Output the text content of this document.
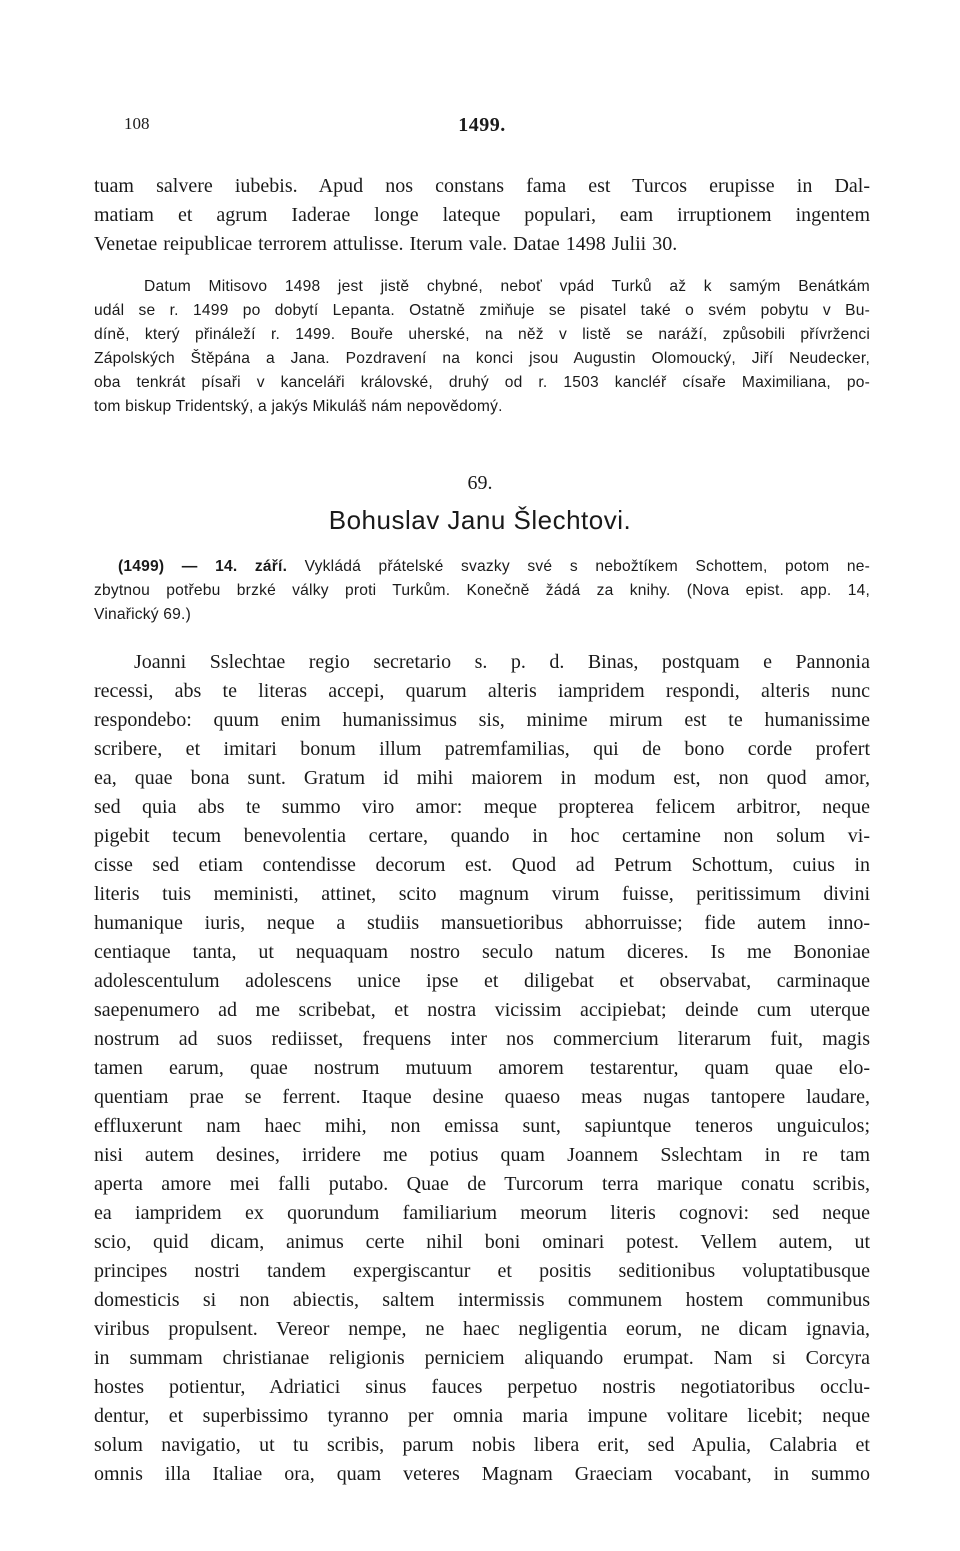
108	1499.
tuam salvere iubebis. Apud nos constans fama est Turcos erupisse in Dal-
matiam et agrum Iaderae longe lateque populari, eam irruptionem ingentem
Venetae reipublicae terrorem attulisse. Iterum vale. Datae 1498 Julii 30.
Datum Mitisovo 1498 jest jistě chybné, neboť vpád Turků až k samým Benátkám
udál se r. 1499 po dobytí Lepanta. Ostatně zmiňuje se pisatel také o svém pobytu v Bu-
díně, který přináleží r. 1499. Bouře uherské, na něž v listě se naráží, způsobili přívrženci
Zápolských Štěpána a Jana. Pozdravení na konci jsou Augustin Olomoucký, Jiří Neudecker,
oba tenkrát písaři v kanceláři královské, druhý od r. 1503 kancléř císaře Maximiliana, po-
tom biskup Tridentský, a jakýs Mikuláš nám nepovědomý.
69.
Bohuslav Janu Šlechtovi.
(1499) — 14. září. Vykládá přátelské svazky své s nebožtíkem Schottem, potom ne-
zbytnou potřebu brzké války proti Turkům. Konečně žádá za knihy. (Nova epist. app. 14,
Vinařický 69.)
Joanni Sslechtae regio secretario s. p. d. Binas, postquam e Pannonia
recessi, abs te literas accepi, quarum alteris iampridem respondi, alteris nunc
respondebo: quum enim humanissimus sis, minime mirum est te humanissime
scribere, et imitari bonum illum patremfamilias, qui de bono corde profert
ea, quae bona sunt. Gratum id mihi maiorem in modum est, non quod amor,
sed quia abs te summo viro amor: meque propterea felicem arbitror, neque
pigebit tecum benevolentia certare, quando in hoc certamine non solum vi-
cisse sed etiam contendisse decorum est. Quod ad Petrum Schottum, cuius in
literis tuis meministi, attinet, scito magnum virum fuisse, peritissimum divini
humanique iuris, neque a studiis mansuetioribus abhorruisse; fide autem inno-
centiaque tanta, ut nequaquam nostro seculo natum diceres. Is me Bononiae
adolescentulum adolescens unice ipse et diligebat et observabat, carminaque
saepenumero ad me scribebat, et nostra vicissim accipiebat; deinde cum uterque
nostrum ad suos rediisset, frequens inter nos commercium literarum fuit, magis
tamen earum, quae nostrum mutuum amorem testarentur, quam quae elo-
quentiam prae se ferrent. Itaque desine quaeso meas nugas tantopere laudare,
effluxerunt nam haec mihi, non emissa sunt, sapiuntque teneros unguiculos;
nisi autem desines, irridere me potius quam Joannem Sslechtam in re tam
aperta amore mei falli putabo. Quae de Turcorum terra marique conatu scribis,
ea iampridem ex quorundum familiarium meorum literis cognovi: sed neque
scio, quid dicam, animus certe nihil boni ominari potest. Vellem autem, ut
principes nostri tandem expergiscantur et positis seditionibus voluptatibusque
domesticis si non abiectis, saltem intermissis communem hostem communibus
viribus propulsent. Vereor nempe, ne haec negligentia eorum, ne dicam ignavia,
in summam christianae religionis perniciem aliquando erumpat. Nam si Corcyra
hostes potientur, Adriatici sinus fauces perpetuo nostris negotiatoribus occlu-
dentur, et superbissimo tyranno per omnia maria impune volitare licebit; neque
solum navigatio, ut tu scribis, parum nobis libera erit, sed Apulia, Calabria et
omnis illa Italiae ora, quam veteres Magnam Graeciam vocabant, in summo
